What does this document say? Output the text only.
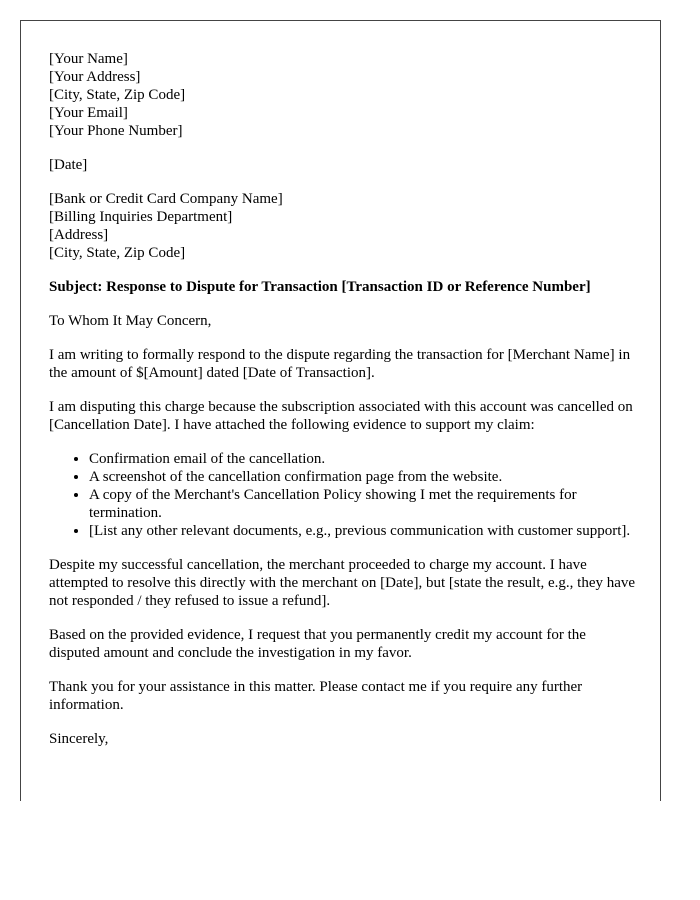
[Your Name]
[Your Address]
[City, State, Zip Code]
[Your Email]
[Your Phone Number]
[Date]
[Bank or Credit Card Company Name]
[Billing Inquiries Department]
[Address]
[City, State, Zip Code]
Subject: Response to Dispute for Transaction [Transaction ID or Reference Number]

To Whom It May Concern,

I am writing to formally respond to the dispute regarding the transaction for [Merchant Name] in the amount of $[Amount] dated [Date of Transaction].

I am disputing this charge because the subscription associated with this account was cancelled on [Cancellation Date]. I have attached the following evidence to support my claim:

• Confirmation email of the cancellation.
• A screenshot of the cancellation confirmation page from the website.
• A copy of the Merchant's Cancellation Policy showing I met the requirements for termination.
• [List any other relevant documents, e.g., previous communication with customer support].

Despite my successful cancellation, the merchant proceeded to charge my account. I have attempted to resolve this directly with the merchant on [Date], but [state the result, e.g., they have not responded / they refused to issue a refund].

Based on the provided evidence, I request that you permanently credit my account for the disputed amount and conclude the investigation in my favor.

Thank you for your assistance in this matter. Please contact me if you require any further information.

Sincerely,
